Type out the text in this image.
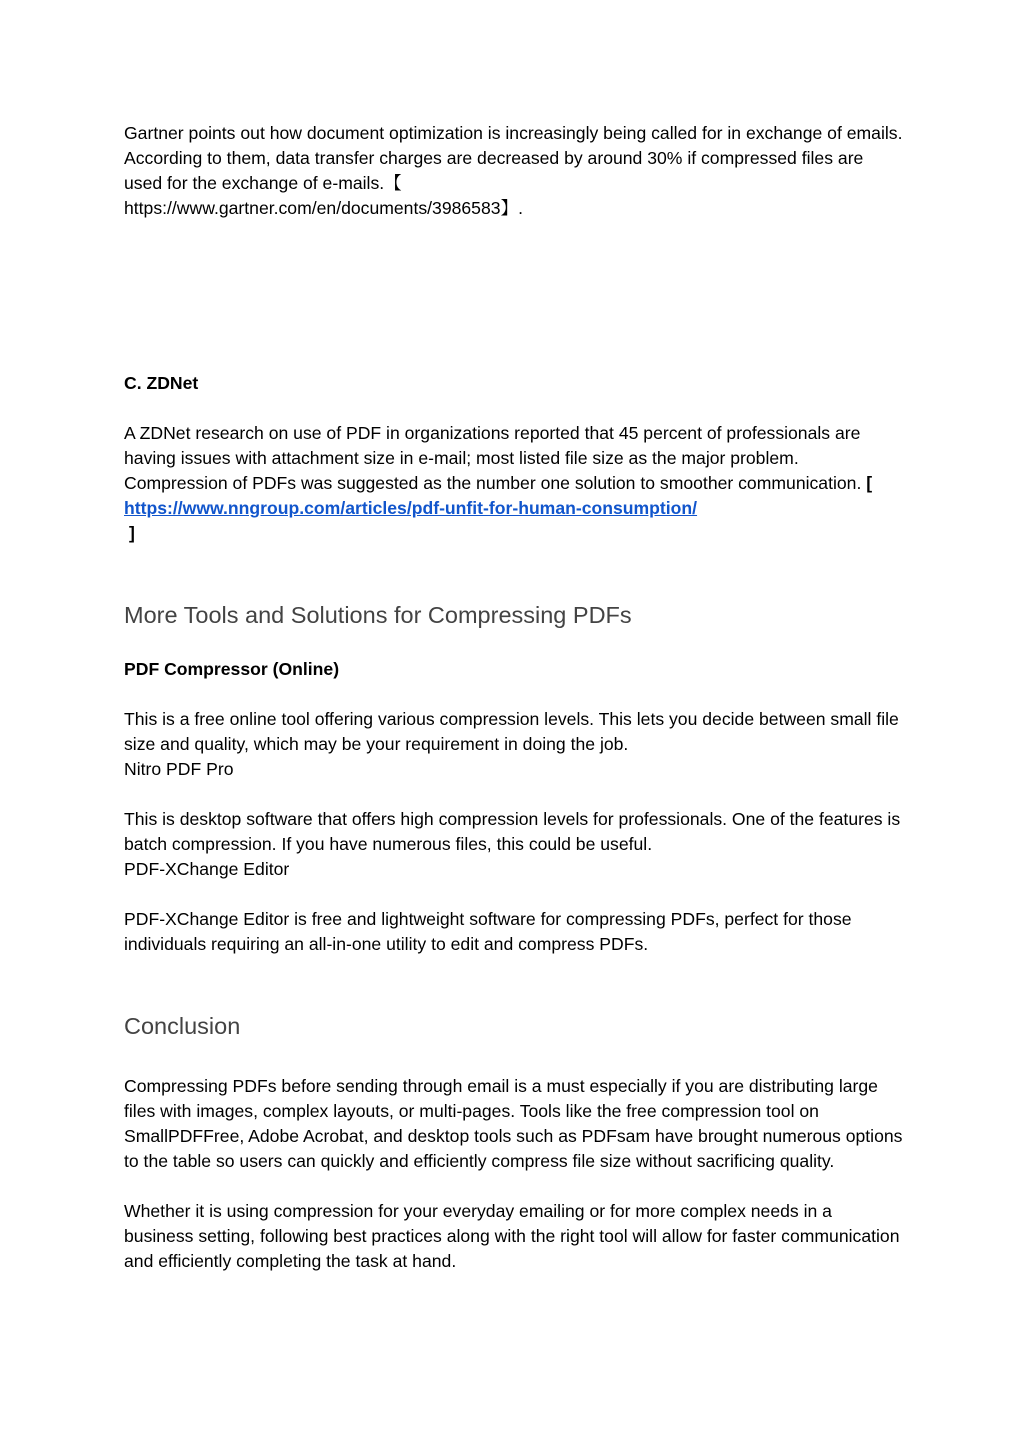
Gartner points out how document optimization is increasingly being called for in exchange of emails. According to them, data transfer charges are decreased by around 30% if compressed files are used for the exchange of e-mails.【
https://www.gartner.com/en/documents/3986583】.

C. ZDNet

A ZDNet research on use of PDF in organizations reported that 45 percent of professionals are having issues with attachment size in e-mail; most listed file size as the major problem. Compression of PDFs was suggested as the number one solution to smoother communication. [ https://www.nngroup.com/articles/pdf-unfit-for-human-consumption/
]

More Tools and Solutions for Compressing PDFs

PDF Compressor (Online)

This is a free online tool offering various compression levels. This lets you decide between small file size and quality, which may be your requirement in doing the job.

Nitro PDF Pro

This is desktop software that offers high compression levels for professionals. One of the features is batch compression. If you have numerous files, this could be useful.

PDF-XChange Editor

PDF-XChange Editor is free and lightweight software for compressing PDFs, perfect for those individuals requiring an all-in-one utility to edit and compress PDFs.

Conclusion

Compressing PDFs before sending through email is a must especially if you are distributing large files with images, complex layouts, or multi-pages. Tools like the free compression tool on SmallPDFFree, Adobe Acrobat, and desktop tools such as PDFsam have brought numerous options to the table so users can quickly and efficiently compress file size without sacrificing quality.

Whether it is using compression for your everyday emailing or for more complex needs in a business setting, following best practices along with the right tool will allow for faster communication and efficiently completing the task at hand.
